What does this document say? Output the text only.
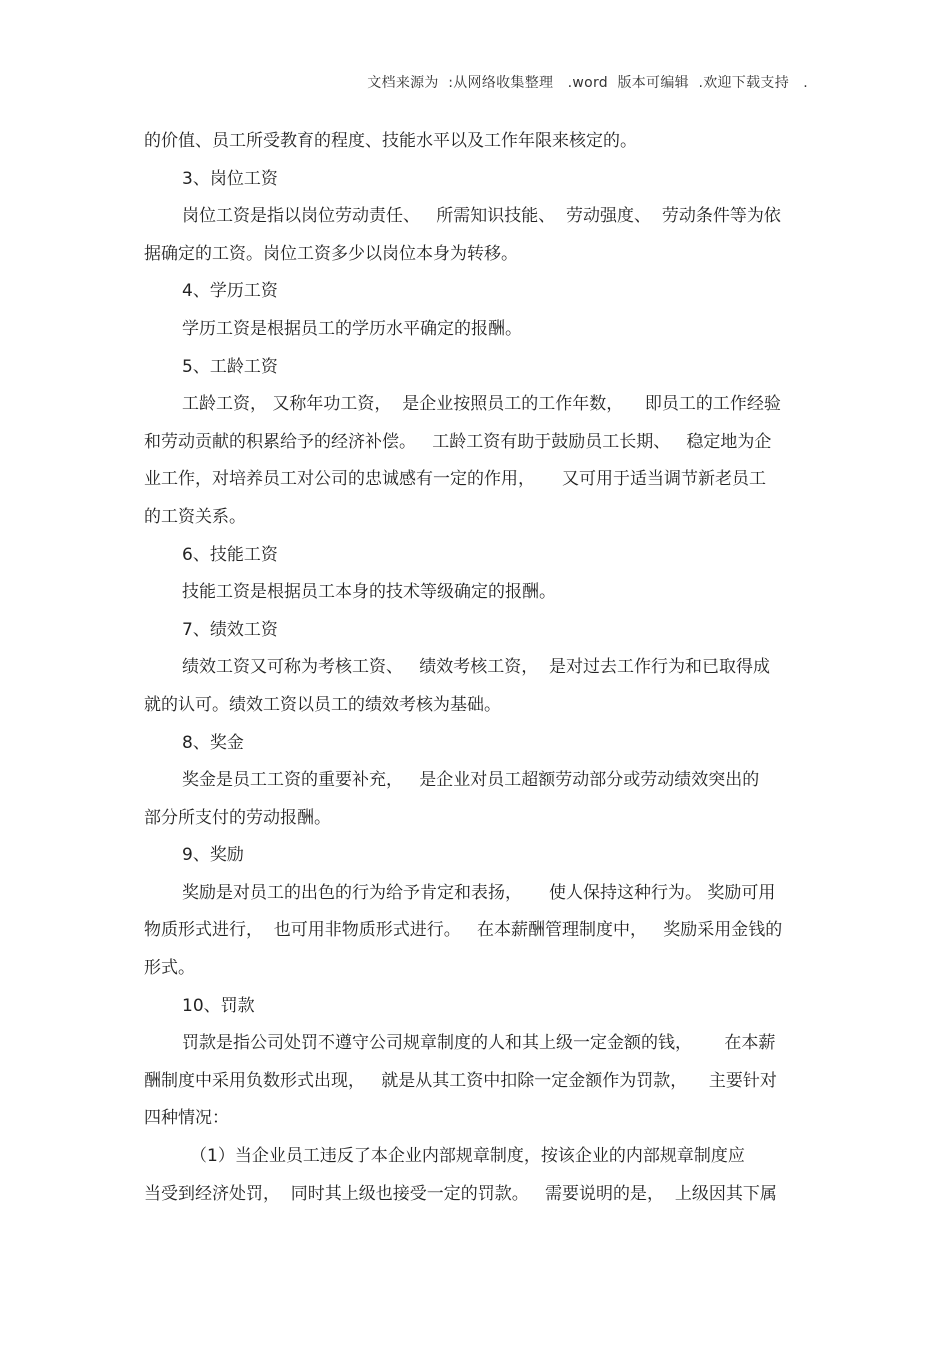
文档来源为  :从网络收集整理   .word  版本可编辑  .欢迎下载支持   .
的价值、员工所受教育的程度、技能水平以及工作年限来核定的。
3、岗位工资
岗位工资是指以岗位劳动责任、   所需知识技能、  劳动强度、  劳动条件等为依
据确定的工资。岗位工资多少以岗位本身为转移。
4、学历工资
学历工资是根据员工的学历水平确定的报酬。
5、工龄工资
工龄工资， 又称年功工资，  是企业按照员工的工作年数，    即员工的工作经验
和劳动贡献的积累给予的经济补偿。   工龄工资有助于鼓励员工长期、   稳定地为企
业工作，对培养员工对公司的忠诚感有一定的作用，     又可用于适当调节新老员工
的工资关系。
6、技能工资
技能工资是根据员工本身的技术等级确定的报酬。
7、绩效工资
绩效工资又可称为考核工资、   绩效考核工资，  是对过去工作行为和已取得成
就的认可。绩效工资以员工的绩效考核为基础。
8、奖金
奖金是员工工资的重要补充，   是企业对员工超额劳动部分或劳动绩效突出的
部分所支付的劳动报酬。
9、奖励
奖励是对员工的出色的行为给予肯定和表扬，     使人保持这种行为。 奖励可用
物质形式进行，  也可用非物质形式进行。   在本薪酬管理制度中，   奖励采用金钱的
形式。
10、罚款
罚款是指公司处罚不遵守公司规章制度的人和其上级一定金额的钱，      在本薪
酬制度中采用负数形式出现，   就是从其工资中扣除一定金额作为罚款，    主要针对
四种情况：
（1）当企业员工违反了本企业内部规章制度，按该企业的内部规章制度应
当受到经济处罚，  同时其上级也接受一定的罚款。   需要说明的是，  上级因其下属
